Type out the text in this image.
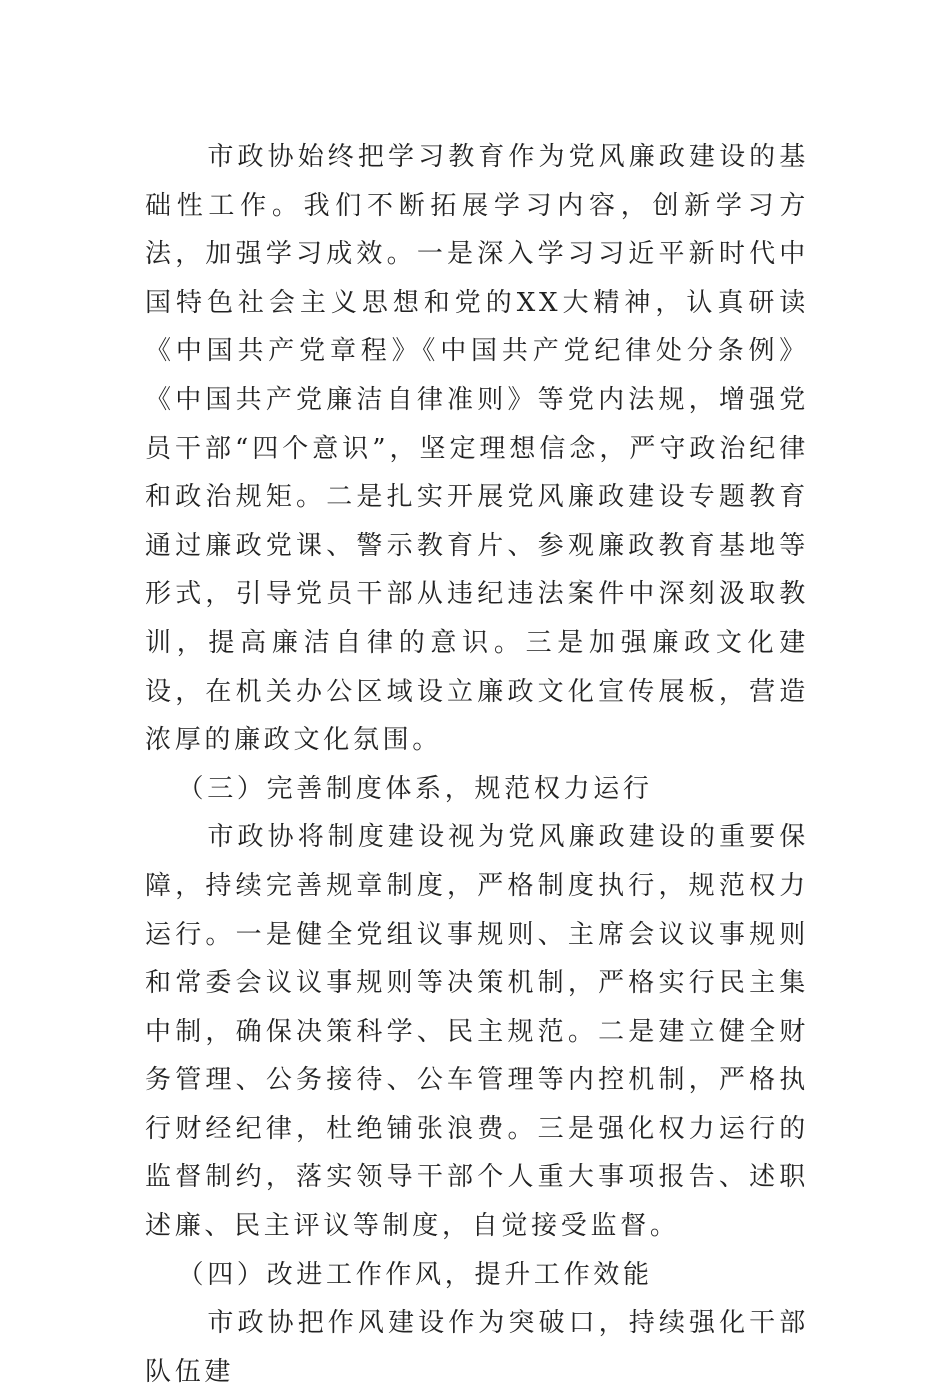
市政协始终把学习教育作为党风廉政建设的基础性工作。我们不断拓展学习内容，创新学习方法，加强学习成效。一是深入学习习近平新时代中国特色社会主义思想和党的XX大精神，认真研读《中国共产党章程》《中国共产党纪律处分条例》《中国共产党廉洁自律准则》等党内法规，增强党员干部“四个意识”，坚定理想信念，严守政治纪律和政治规矩。二是扎实开展党风廉政建设专题教育通过廉政党课、警示教育片、参观廉政教育基地等形式，引导党员干部从违纪违法案件中深刻汲取教训，提高廉洁自律的意识。三是加强廉政文化建设，在机关办公区域设立廉政文化宣传展板，营造浓厚的廉政文化氛围。

（三）完善制度体系，规范权力运行

市政协将制度建设视为党风廉政建设的重要保障，持续完善规章制度，严格制度执行，规范权力运行。一是健全党组议事规则、主席会议议事规则和常委会议议事规则等决策机制，严格实行民主集中制，确保决策科学、民主规范。二是建立健全财务管理、公务接待、公车管理等内控机制，严格执行财经纪律，杜绝铺张浪费。三是强化权力运行的监督制约，落实领导干部个人重大事项报告、述职述廉、民主评议等制度，自觉接受监督。

（四）改进工作作风，提升工作效能

市政协把作风建设作为突破口，持续强化干部队伍建
